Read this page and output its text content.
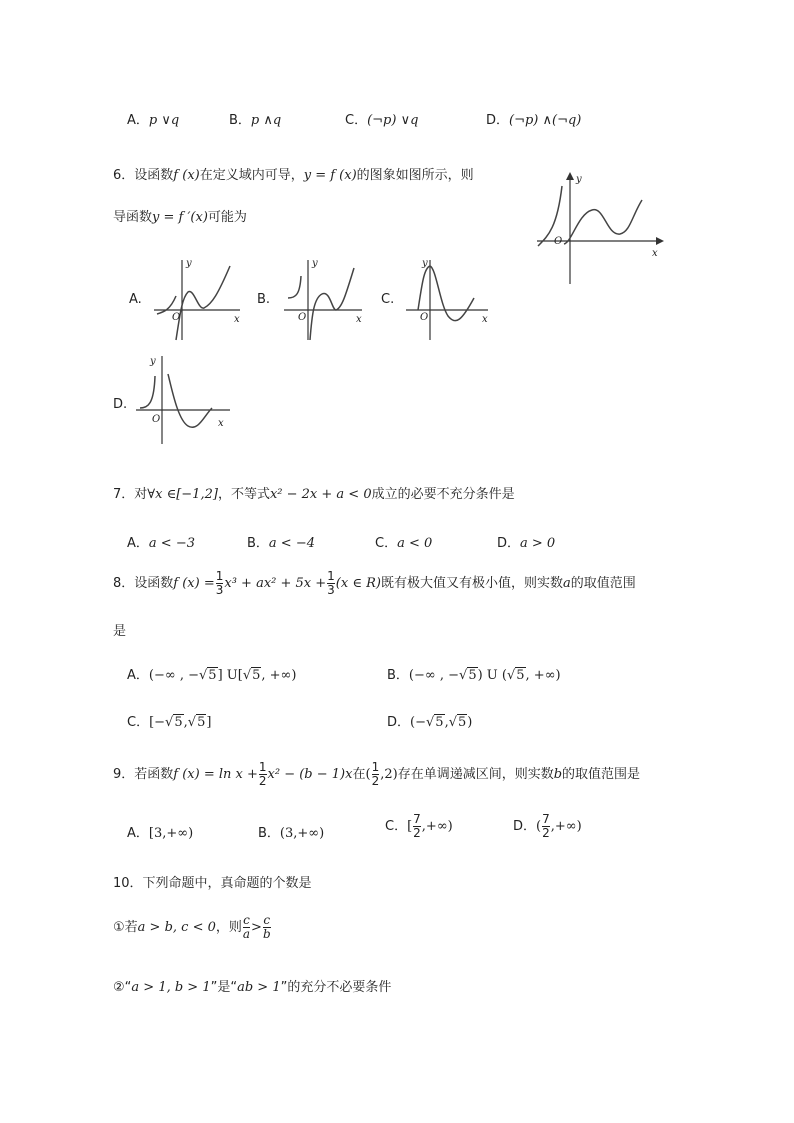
A．p ∨q	B．p ∧q	C．(¬p) ∨q	D．(¬p) ∧(¬q)
6．设函数f (x)在定义域内可导，y = f (x)的图象如图所示，则
导函数y = f ′(x)可能为
y
x
O
A.
y
x
O
B.
y
x
O
C.
y
x
O
D.
y
x
O
7．对∀x ∈[−1,2]，不等式x² − 2x + a < 0成立的必要不充分条件是
A．a < −3	B．a < −4	C．a < 0	D．a > 0
8．设函数f $(x) = \frac{1}{3} x^3 + ax^2 + 5x + \frac{1}{3} (x$ ∈ R)既有极大值又有极小值，则实数a的取值范围
是
A．(−∞ , −√5] U[√5, +∞)	B．(−∞ , −√5) U (√5, +∞)
C．[−√5,√5]	D．(−√5,√5)
9．若函数f $(x) = \ln x + \frac{1}{2} x^2 - (b - 1)x$在( $\frac{1}{2} ,2$)存在单调递减区间，则实数b的取值范围是
A．[3,+∞)	B．(3,+∞)	C．[ $\frac{7}{2}$ ,+∞)	D．( $\frac{7}{2}$ ,+∞)
10．下列命题中，真命题的个数是
①若a > b, c < 0，则 $\frac{c}{a} > \frac{c}{b}$
②“a > 1, b > 1”是“ab > 1”的充分不必要条件
